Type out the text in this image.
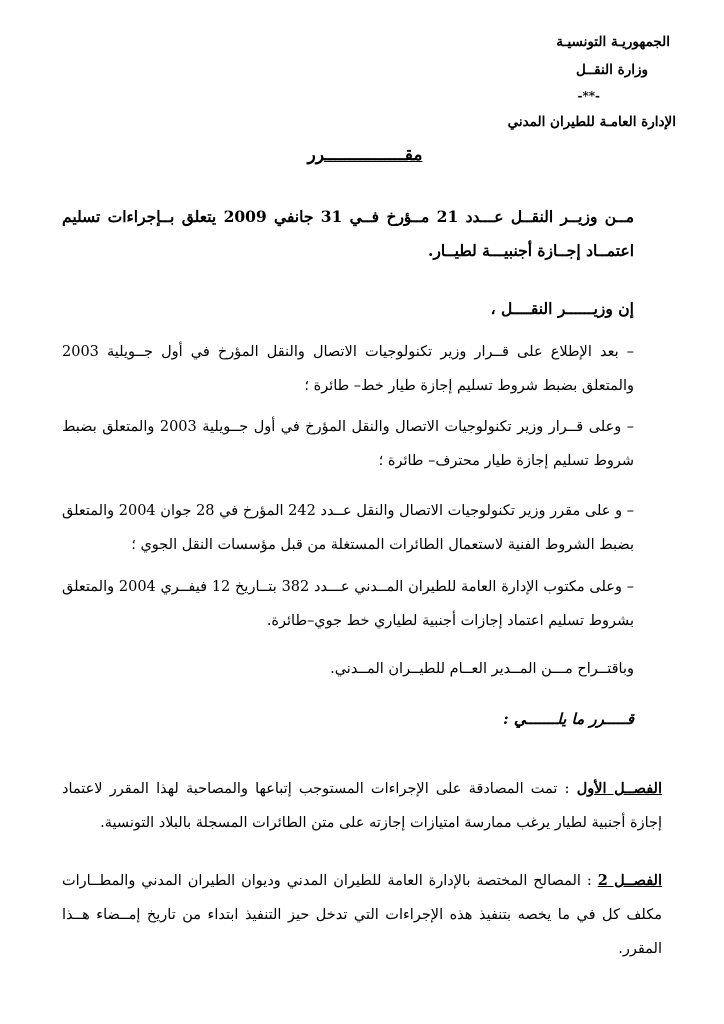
الجمهوريـة التونسيـة
وزارة النقــل
-**-
الإدارة العامـة للطيران المدني
مقــــــــــــــــرر
مــن وزيــر النقــل عـــدد 21 مــؤرخ فــي 31 جانفي 2009 يتعلق بــإجراءات تسليم اعتمــاد إجــازة أجنبيـــة لطيــار.
إن وزيــــــر النقــــل ،
– بعد الإطلاع على قــرار وزير تكنولوجيات الاتصال والنقل المؤرخ في أول جــويلية 2003 والمتعلق بضبط شروط تسليم إجازة طيار خط– طائرة ؛
– وعلى قــرار وزير تكنولوجيات الاتصال والنقل المؤرخ في أول جــويلية 2003 والمتعلق بضبط شروط تسليم إجازة طيار محترف– طائرة ؛
– و على مقرر وزير تكنولوجيات الاتصال والنقل عــدد 242 المؤرخ في 28 جوان 2004 والمتعلق بضبط الشروط الفنية لاستعمال الطائرات المستغلة من قبل مؤسسات النقل الجوي ؛
– وعلى مكتوب الإدارة العامة للطيران المــدني عـــدد 382 بتــاريخ 12 فيفــري 2004 والمتعلق بشروط تسليم اعتماد إجازات أجنبية لطياري خط جوي–طائرة.
وباقتــراح مـــن المــدير العــام للطيــران المــدني.
قـــــرر ما يلـــــــي :
الفصــل الأول : تمت المصادقة على الإجراءات المستوجب إتباعها والمصاحبة لهذا المقرر لاعتماد إجازة أجنبية لطيار يرغب ممارسة امتيازات إجازته على متن الطائرات المسجلة بالبلاد التونسية.
الفصــل 2 : المصالح المختصة بالإدارة العامة للطيران المدني وديوان الطيران المدني والمطــارات مكلف كل في ما يخصه بتنفيذ هذه الإجراءات التي تدخل حيز التنفيذ ابتداء من تاريخ إمــضاء هــذا المقرر.
